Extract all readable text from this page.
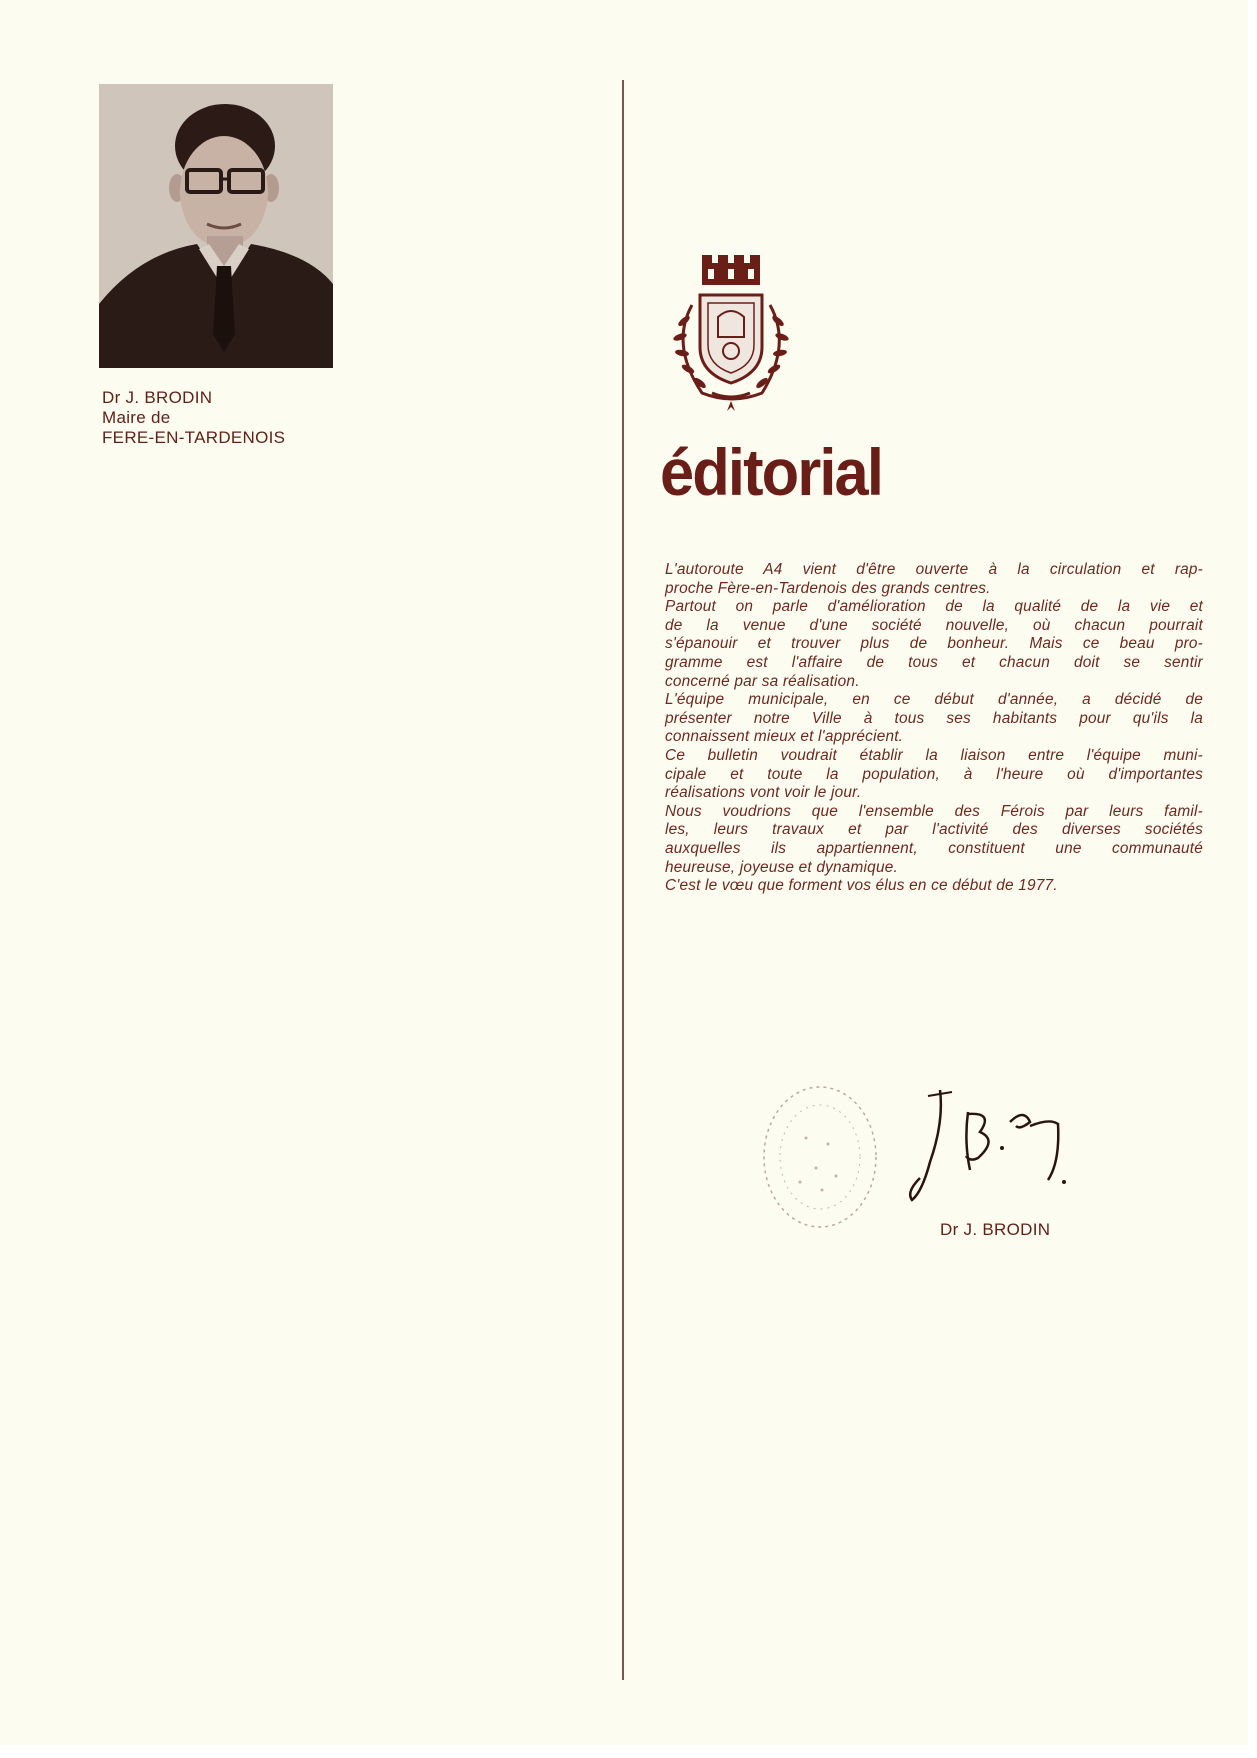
Dr J. BRODIN
Maire de
FERE-EN-TARDENOIS	éditorial
L'autoroute A4 vient d'être ouverte à la circulation et rap-
proche Fère-en-Tardenois des grands centres.
Partout on parle d'amélioration de la qualité de la vie et
de la venue d'une société nouvelle, où chacun pourrait
s'épanouir et trouver plus de bonheur. Mais ce beau pro-
gramme est l'affaire de tous et chacun doit se sentir
concerné par sa réalisation.
L'équipe municipale, en ce début d'année, a décidé de
présenter notre Ville à tous ses habitants pour qu'ils la
connaissent mieux et l'apprécient.
Ce bulletin voudrait établir la liaison entre l'équipe muni-
cipale et toute la population, à l'heure où d'importantes
réalisations vont voir le jour.
Nous voudrions que l'ensemble des Férois par leurs famil-
les, leurs travaux et par l'activité des diverses sociétés
auxquelles ils appartiennent, constituent une communauté
heureuse, joyeuse et dynamique.
C'est le vœu que forment vos élus en ce début de 1977.
Dr J. BRODIN
